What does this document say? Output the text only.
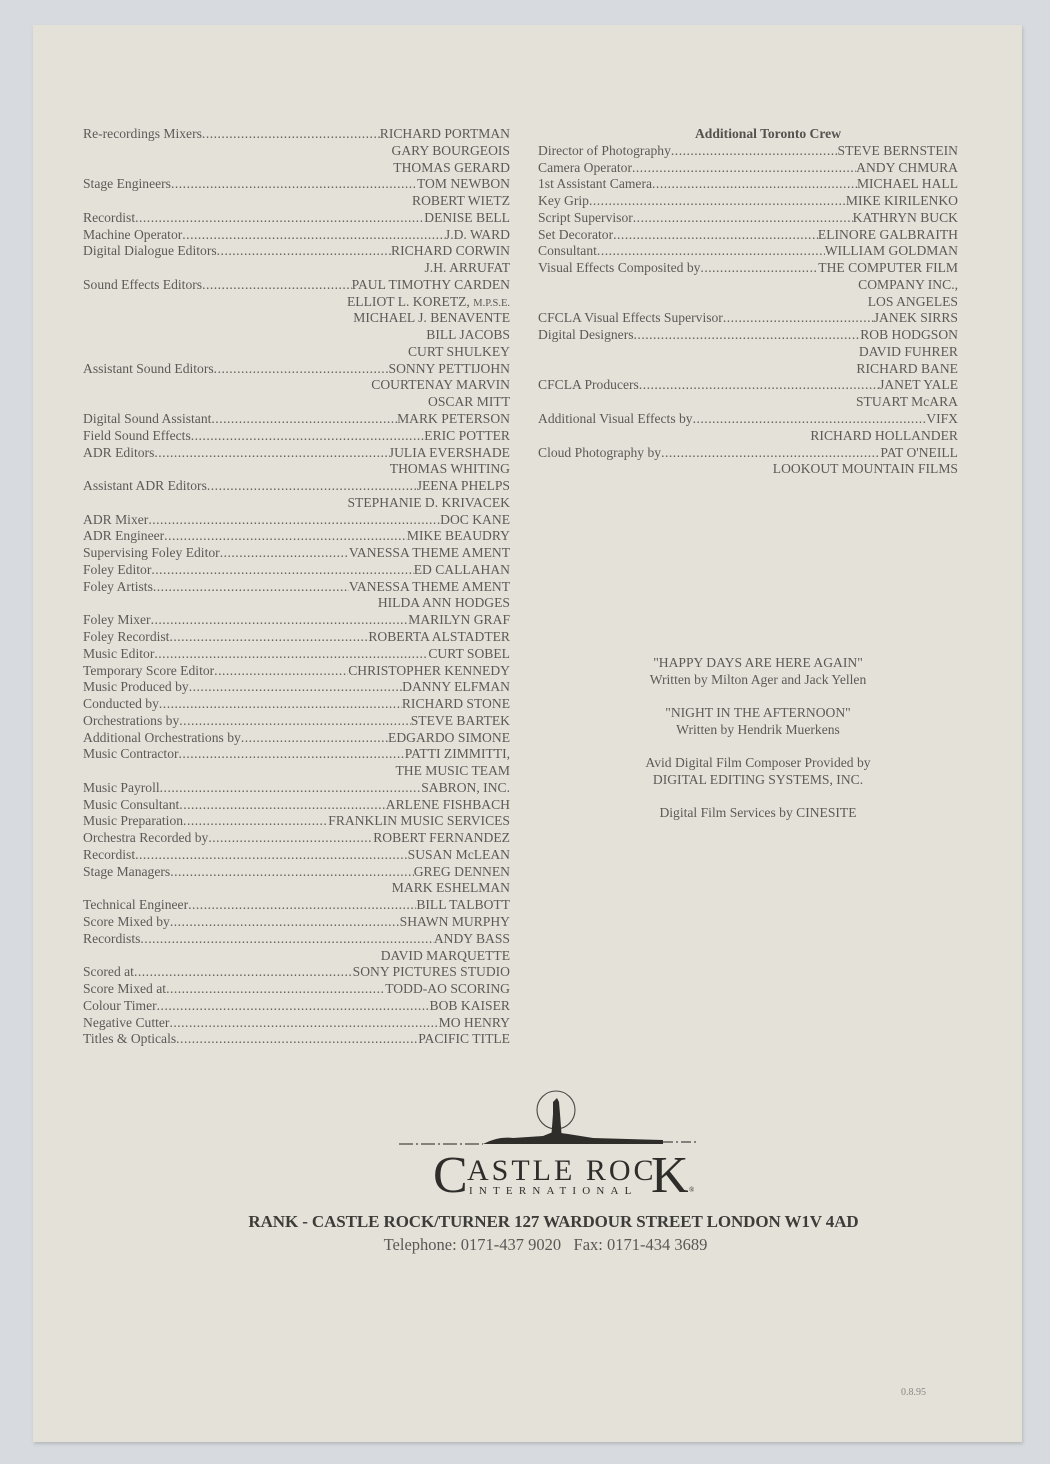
Re-recordings Mixers .....	RICHARD PORTMAN
GARY BOURGEOIS
THOMAS GERARD
Stage Engineers .....	TOM NEWBON
ROBERT WIETZ
Recordist .....	DENISE BELL
Machine Operator .....	J.D. WARD
Digital Dialogue Editors .....	RICHARD CORWIN
J.H. ARRUFAT
Sound Effects Editors .....	PAUL TIMOTHY CARDEN
ELLIOT L. KORETZ, M.P.S.E.
MICHAEL J. BENAVENTE
BILL JACOBS
CURT SHULKEY
Assistant Sound Editors .....	SONNY PETTIJOHN
COURTENAY MARVIN
OSCAR MITT
Digital Sound Assistant .....	MARK PETERSON
Field Sound Effects .....	ERIC POTTER
ADR Editors .....	JULIA EVERSHADE
THOMAS WHITING
Assistant ADR Editors .....	JEENA PHELPS
STEPHANIE D. KRIVACEK
ADR Mixer .....	DOC KANE
ADR Engineer .....	MIKE BEAUDRY
Supervising Foley Editor .....	VANESSA THEME AMENT
Foley Editor .....	ED CALLAHAN
Foley Artists .....	VANESSA THEME AMENT
HILDA ANN HODGES
Foley Mixer .....	MARILYN GRAF
Foley Recordist .....	ROBERTA ALSTADTER
Music Editor .....	CURT SOBEL
Temporary Score Editor .....	CHRISTOPHER KENNEDY
Music Produced by .....	DANNY ELFMAN
Conducted by .....	RICHARD STONE
Orchestrations by .....	STEVE BARTEK
Additional Orchestrations by .....	EDGARDO SIMONE
Music Contractor .....	PATTI ZIMMITTI,
THE MUSIC TEAM
Music Payroll .....	SABRON, INC.
Music Consultant .....	ARLENE FISHBACH
Music Preparation .....	FRANKLIN MUSIC SERVICES
Orchestra Recorded by .....	ROBERT FERNANDEZ
Recordist .....	SUSAN McLEAN
Stage Managers .....	GREG DENNEN
MARK ESHELMAN
Technical Engineer .....	BILL TALBOTT
Score Mixed by .....	SHAWN MURPHY
Recordists .....	ANDY BASS
DAVID MARQUETTE
Scored at .....	SONY PICTURES STUDIO
Score Mixed at .....	TODD-AO SCORING
Colour Timer .....	BOB KAISER
Negative Cutter .....	MO HENRY
Titles & Opticals .....	PACIFIC TITLE
Additional Toronto Crew
Director of Photography .....	STEVE BERNSTEIN
Camera Operator .....	ANDY CHMURA
1st Assistant Camera .....	MICHAEL HALL
Key Grip .....	MIKE KIRILENKO
Script Supervisor .....	KATHRYN BUCK
Set Decorator .....	ELINORE GALBRAITH
Consultant .....	WILLIAM GOLDMAN
Visual Effects Composited by .....	THE COMPUTER FILM
COMPANY INC.,
LOS ANGELES
CFCLA Visual Effects Supervisor .....	JANEK SIRRS
Digital Designers .....	ROB HODGSON
DAVID FUHRER
RICHARD BANE
CFCLA Producers .....	JANET YALE
STUART McARA
Additional Visual Effects by .....	VIFX
RICHARD HOLLANDER
Cloud Photography by .....	PAT O'NEILL
LOOKOUT MOUNTAIN FILMS
"HAPPY DAYS ARE HERE AGAIN"
Written by Milton Ager and Jack Yellen
"NIGHT IN THE AFTERNOON"
Written by Hendrik Muerkens
Avid Digital Film Composer Provided by
DIGITAL EDITING SYSTEMS, INC.
Digital Film Services by CINESITE
C ASTLE ROC
K
INTERNATIONAL	®
RANK - CASTLE ROCK/TURNER 127 WARDOUR STREET LONDON W1V 4AD
Telephone: 0171-437 9020   Fax: 0171-434 3689
0.8.95
